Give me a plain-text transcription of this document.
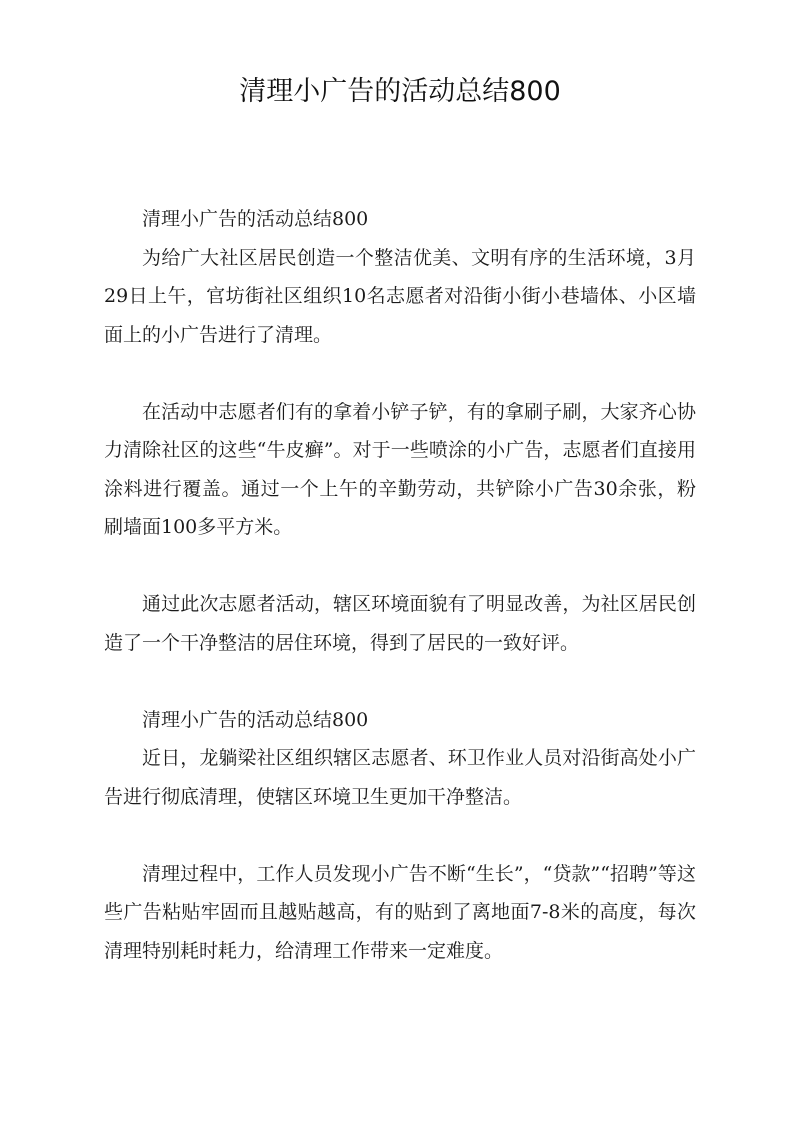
清理小广告的活动总结800

清理小广告的活动总结800

为给广大社区居民创造一个整洁优美、文明有序的生活环境，3月29日上午，官坊街社区组织10名志愿者对沿街小街小巷墙体、小区墙面上的小广告进行了清理。

在活动中志愿者们有的拿着小铲子铲，有的拿刷子刷，大家齐心协力清除社区的这些“牛皮癣”。对于一些喷涂的小广告，志愿者们直接用涂料进行覆盖。通过一个上午的辛勤劳动，共铲除小广告30余张，粉刷墙面100多平方米。

通过此次志愿者活动，辖区环境面貌有了明显改善，为社区居民创造了一个干净整洁的居住环境，得到了居民的一致好评。

清理小广告的活动总结800

近日，龙躺梁社区组织辖区志愿者、环卫作业人员对沿街高处小广告进行彻底清理，使辖区环境卫生更加干净整洁。

清理过程中，工作人员发现小广告不断“生长”，“贷款”“招聘”等这些广告粘贴牢固而且越贴越高，有的贴到了离地面7-8米的高度，每次清理特别耗时耗力，给清理工作带来一定难度。
